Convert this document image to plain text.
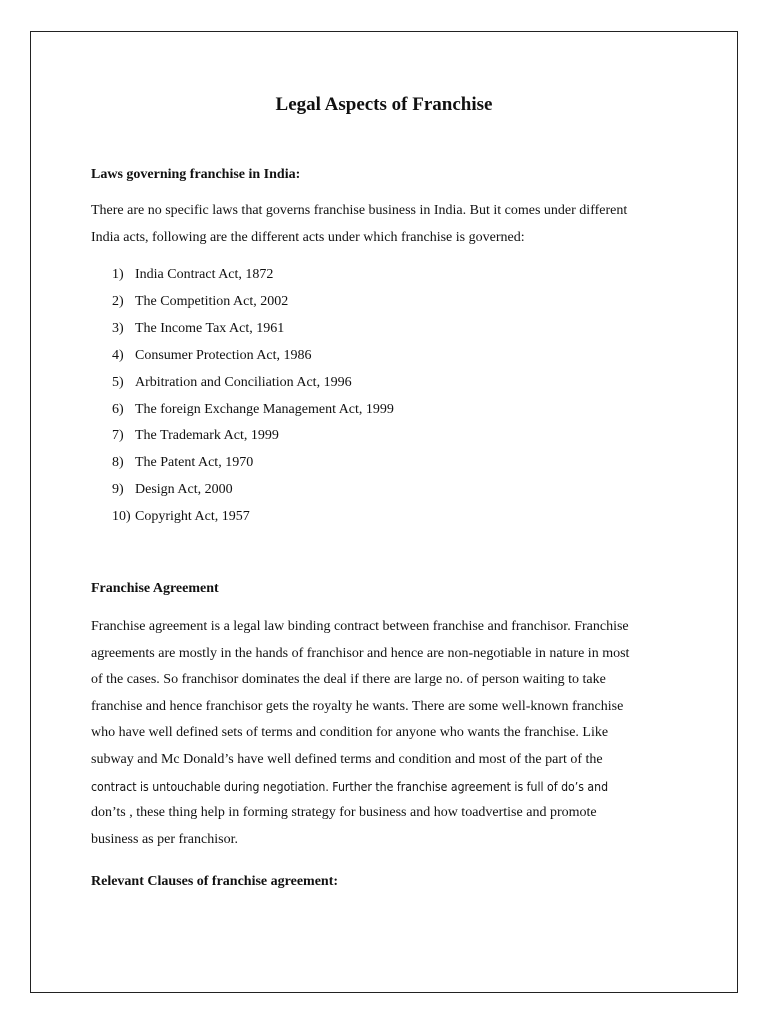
Legal Aspects of Franchise
Laws governing franchise in India:
There are no specific laws that governs franchise business in India. But it comes under different
India acts, following are the different acts under which franchise is governed:
1) India Contract Act, 1872
2) The Competition Act, 2002
3) The Income Tax Act, 1961
4) Consumer Protection Act, 1986
5) Arbitration and Conciliation Act, 1996
6) The foreign Exchange Management Act, 1999
7) The Trademark Act, 1999
8) The Patent Act, 1970
9) Design Act, 2000
10) Copyright Act, 1957
Franchise Agreement
Franchise agreement is a legal law binding contract between franchise and franchisor. Franchise
agreements are mostly in the hands of franchisor and hence are non-negotiable in nature in most
of the cases. So franchisor dominates the deal if there are large no. of person waiting to take
franchise and hence franchisor gets the royalty he wants. There are some well-known franchise
who have well defined sets of terms and condition for anyone who wants the franchise. Like
subway and Mc Donald’s have well defined terms and condition and most of the part of the
contract is untouchable during negotiation. Further the franchise agreement is full of do’s and
don’ts , these thing help in forming strategy for business and how toadvertise and promote
business as per franchisor.
Relevant Clauses of franchise agreement:
